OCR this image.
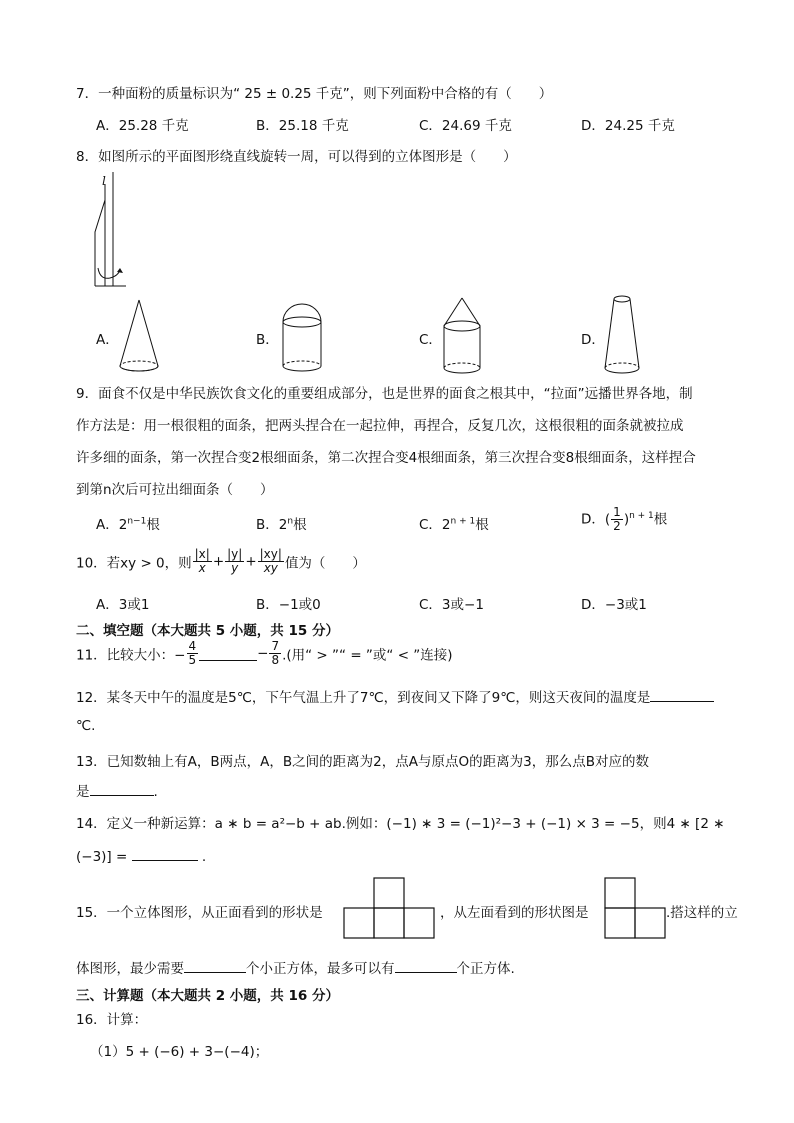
7．一种面粉的质量标识为“ 25 ± 0.25 千克”，则下列面粉中合格的有（　　）
A．25.28 千克	B．25.18 千克	C．24.69 千克	D．24.25 千克
8．如图所示的平面图形绕直线旋转一周，可以得到的立体图形是（　　）
l
A．	B．	C．	D．
9．面食不仅是中华民族饮食文化的重要组成部分，也是世界的面食之根其中，“拉面”远播世界各地，制
作方法是：用一根很粗的面条，把两头捏合在一起拉伸，再捏合，反复几次，这根很粗的面条就被拉成
许多细的面条，第一次捏合变2根细面条，第二次捏合变4根细面条，第三次捏合变8根细面条，这样捏合
到第n次后可拉出细面条（　　）
A．$2^{n-1}$根	B．2$^n$根	C．$2^{n + 1}$根	D．( $\frac{1}{2} )^{n + 1}$根
10．若xy > 0，则 $\frac{|x|}{x} + \frac{|y|}{y} + \frac{|xy|}{xy}$ 值为（　　）
A．3或1	B．−1或0	C．3或−1	D．−3或1
二、填空题（本大题共 5 小题，共 15 分）
11．比较大小：− $\frac{4}{5}$	− $\frac{7}{8}$ .(用“ > ”“ = ”或“ < ”连接)
12．某冬天中午的温度是5℃，下午气温上升了7℃，到夜间又下降了9℃，则这天夜间的温度是
℃.
13．已知数轴上有A，B两点，A，B之间的距离为2，点A与原点O的距离为3，那么点B对应的数
是	.
14．定义一种新运算：a ∗ b = a²−b + ab.例如：(−1) ∗ 3 = (−1)²−3 + (−1) × 3 = −5，则4 ∗ [2 ∗
(−3)] =	.
15．一个立体图形，从正面看到的形状是	，从左面看到的形状图是	.搭这样的立
体图形，最少需要	个小正方体，最多可以有	个正方体.
三、计算题（本大题共 2 小题，共 16 分）
16．计算：
（1）5 + (−6) + 3−(−4)；
